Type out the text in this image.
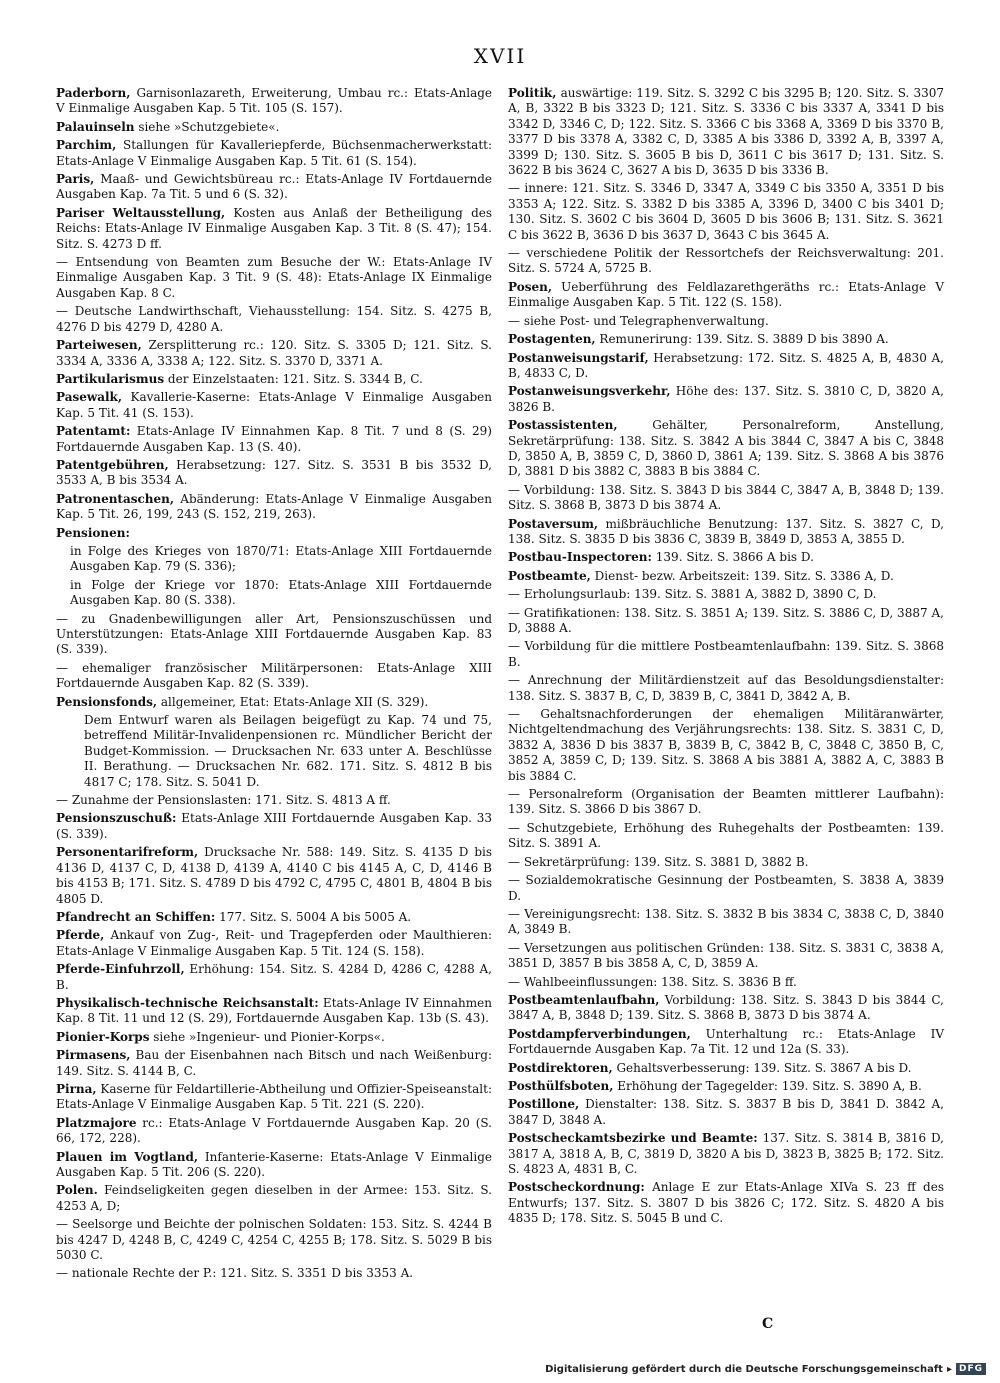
XVII
Paderborn, Garnisonlazareth, Erweiterung, Umbau rc.: Etats-Anlage V Einmalige Ausgaben Kap. 5 Tit. 105 (S. 157).
Palauinseln siehe »Schutzgebiete«.
Parchim, Stallungen für Kavalleriepferde, Büchsenmacherwerkstatt: Etats-Anlage V Einmalige Ausgaben Kap. 5 Tit. 61 (S. 154).
Paris, Maaß- und Gewichtsbüreau rc.: Etats-Anlage IV Fortdauernde Ausgaben Kap. 7a Tit. 5 und 6 (S. 32).
Pariser Weltausstellung, Kosten aus Anlaß der Betheiligung des Reichs: Etats-Anlage IV Einmalige Ausgaben Kap. 3 Tit. 8 (S. 47); 154. Sitz. S. 4273 D ff.
— Entsendung von Beamten zum Besuche der W.: Etats-Anlage IV Einmalige Ausgaben Kap. 3 Tit. 9 (S. 48): Etats-Anlage IX Einmalige Ausgaben Kap. 8 C.
— Deutsche Landwirthschaft, Viehausstellung: 154. Sitz. S. 4275 B, 4276 D bis 4279 D, 4280 A.
Parteiwesen, Zersplitterung rc.: 120. Sitz. S. 3305 D; 121. Sitz. S. 3334 A, 3336 A, 3338 A; 122. Sitz. S. 3370 D, 3371 A.
Partikularismus der Einzelstaaten: 121. Sitz. S. 3344 B, C.
Pasewalk, Kavallerie-Kaserne: Etats-Anlage V Einmalige Ausgaben Kap. 5 Tit. 41 (S. 153).
Patentamt: Etats-Anlage IV Einnahmen Kap. 8 Tit. 7 und 8 (S. 29) Fortdauernde Ausgaben Kap. 13 (S. 40).
Patentgebühren, Herabsetzung: 127. Sitz. S. 3531 B bis 3532 D, 3533 A, B bis 3534 A.
Patronentaschen, Abänderung: Etats-Anlage V Einmalige Ausgaben Kap. 5 Tit. 26, 199, 243 (S. 152, 219, 263).
Pensionen:
in Folge des Krieges von 1870/71: Etats-Anlage XIII Fortdauernde Ausgaben Kap. 79 (S. 336);
in Folge der Kriege vor 1870: Etats-Anlage XIII Fortdauernde Ausgaben Kap. 80 (S. 338).
— zu Gnadenbewilligungen aller Art, Pensionszuschüssen und Unterstützungen: Etats-Anlage XIII Fortdauernde Ausgaben Kap. 83 (S. 339).
— ehemaliger französischer Militärpersonen: Etats-Anlage XIII Fortdauernde Ausgaben Kap. 82 (S. 339).
Pensionsfonds, allgemeiner, Etat: Etats-Anlage XII (S. 329).
Dem Entwurf waren als Beilagen beigefügt zu Kap. 74 und 75, betreffend Militär-Invalidenpensionen rc. Mündlicher Bericht der Budget-Kommission. — Drucksachen Nr. 633 unter A. Beschlüsse II. Berathung. — Drucksachen Nr. 682. 171. Sitz. S. 4812 B bis 4817 C; 178. Sitz. S. 5041 D.
— Zunahme der Pensionslasten: 171. Sitz. S. 4813 A ff.
Pensionszuschuß: Etats-Anlage XIII Fortdauernde Ausgaben Kap. 33 (S. 339).
Personentarifreform, Drucksache Nr. 588: 149. Sitz. S. 4135 D bis 4136 D, 4137 C, D, 4138 D, 4139 A, 4140 C bis 4145 A, C, D, 4146 B bis 4153 B; 171. Sitz. S. 4789 D bis 4792 C, 4795 C, 4801 B, 4804 B bis 4805 D.
Pfandrecht an Schiffen: 177. Sitz. S. 5004 A bis 5005 A.
Pferde, Ankauf von Zug-, Reit- und Tragepferden oder Maulthieren: Etats-Anlage V Einmalige Ausgaben Kap. 5 Tit. 124 (S. 158).
Pferde-Einfuhrzoll, Erhöhung: 154. Sitz. S. 4284 D, 4286 C, 4288 A, B.
Physikalisch-technische Reichsanstalt: Etats-Anlage IV Einnahmen Kap. 8 Tit. 11 und 12 (S. 29), Fortdauernde Ausgaben Kap. 13b (S. 43).
Pionier-Korps siehe »Ingenieur- und Pionier-Korps«.
Pirmasens, Bau der Eisenbahnen nach Bitsch und nach Weißenburg: 149. Sitz. S. 4144 B, C.
Pirna, Kaserne für Feldartillerie-Abtheilung und Offizier-Speiseanstalt: Etats-Anlage V Einmalige Ausgaben Kap. 5 Tit. 221 (S. 220).
Platzmajore rc.: Etats-Anlage V Fortdauernde Ausgaben Kap. 20 (S. 66, 172, 228).
Plauen im Vogtland, Infanterie-Kaserne: Etats-Anlage V Einmalige Ausgaben Kap. 5 Tit. 206 (S. 220).
Polen. Feindseligkeiten gegen dieselben in der Armee: 153. Sitz. S. 4253 A, D;
— Seelsorge und Beichte der polnischen Soldaten: 153. Sitz. S. 4244 B bis 4247 D, 4248 B, C, 4249 C, 4254 C, 4255 B; 178. Sitz. S. 5029 B bis 5030 C.
— nationale Rechte der P.: 121. Sitz. S. 3351 D bis 3353 A.
Politik, auswärtige: 119. Sitz. S. 3292 C bis 3295 B; 120. Sitz. S. 3307 A, B, 3322 B bis 3323 D; 121. Sitz. S. 3336 C bis 3337 A, 3341 D bis 3342 D, 3346 C, D; 122. Sitz. S. 3366 C bis 3368 A, 3369 D bis 3370 B, 3377 D bis 3378 A, 3382 C, D, 3385 A bis 3386 D, 3392 A, B, 3397 A, 3399 D; 130. Sitz. S. 3605 B bis D, 3611 C bis 3617 D; 131. Sitz. S. 3622 B bis 3624 C, 3627 A bis D, 3635 D bis 3336 B.
— innere: 121. Sitz. S. 3346 D, 3347 A, 3349 C bis 3350 A, 3351 D bis 3353 A; 122. Sitz. S. 3382 D bis 3385 A, 3396 D, 3400 C bis 3401 D; 130. Sitz. S. 3602 C bis 3604 D, 3605 D bis 3606 B; 131. Sitz. S. 3621 C bis 3622 B, 3636 D bis 3637 D, 3643 C bis 3645 A.
— verschiedene Politik der Ressortchefs der Reichsverwaltung: 201. Sitz. S. 5724 A, 5725 B.
Posen, Ueberführung des Feldlazarethgeräths rc.: Etats-Anlage V Einmalige Ausgaben Kap. 5 Tit. 122 (S. 158).
— siehe Post- und Telegraphenverwaltung.
Postagenten, Remunerirung: 139. Sitz. S. 3889 D bis 3890 A.
Postanweisungstarif, Herabsetzung: 172. Sitz. S. 4825 A, B, 4830 A, B, 4833 C, D.
Postanweisungsverkehr, Höhe des: 137. Sitz. S. 3810 C, D, 3820 A, 3826 B.
Postassistenten, Gehälter, Personalreform, Anstellung, Sekretärprüfung: 138. Sitz. S. 3842 A bis 3844 C, 3847 A bis C, 3848 D, 3850 A, B, 3859 C, D, 3860 D, 3861 A; 139. Sitz. S. 3868 A bis 3876 D, 3881 D bis 3882 C, 3883 B bis 3884 C.
— Vorbildung: 138. Sitz. S. 3843 D bis 3844 C, 3847 A, B, 3848 D; 139. Sitz. S. 3868 B, 3873 D bis 3874 A.
Postaversum, mißbräuchliche Benutzung: 137. Sitz. S. 3827 C, D, 138. Sitz. S. 3835 D bis 3836 C, 3839 B, 3849 D, 3853 A, 3855 D.
Postbau-Inspectoren: 139. Sitz. S. 3866 A bis D.
Postbeamte, Dienst- bezw. Arbeitszeit: 139. Sitz. S. 3386 A, D.
— Erholungsurlaub: 139. Sitz. S. 3881 A, 3882 D, 3890 C, D.
— Gratifikationen: 138. Sitz. S. 3851 A; 139. Sitz. S. 3886 C, D, 3887 A, D, 3888 A.
— Vorbildung für die mittlere Postbeamtenlaufbahn: 139. Sitz. S. 3868 B.
— Anrechnung der Militärdienstzeit auf das Besoldungsdienstalter: 138. Sitz. S. 3837 B, C, D, 3839 B, C, 3841 D, 3842 A, B.
— Gehaltsnachforderungen der ehemaligen Militäranwärter, Nichtgeltendmachung des Verjährungsrechts: 138. Sitz. S. 3831 C, D, 3832 A, 3836 D bis 3837 B, 3839 B, C, 3842 B, C, 3848 C, 3850 B, C, 3852 A, 3859 C, D; 139. Sitz. S. 3868 A bis 3881 A, 3882 A, C, 3883 B bis 3884 C.
— Personalreform (Organisation der Beamten mittlerer Laufbahn): 139. Sitz. S. 3866 D bis 3867 D.
— Schutzgebiete, Erhöhung des Ruhegehalts der Postbeamten: 139. Sitz. S. 3891 A.
— Sekretärprüfung: 139. Sitz. S. 3881 D, 3882 B.
— Sozialdemokratische Gesinnung der Postbeamten, S. 3838 A, 3839 D.
— Vereinigungsrecht: 138. Sitz. S. 3832 B bis 3834 C, 3838 C, D, 3840 A, 3849 B.
— Versetzungen aus politischen Gründen: 138. Sitz. S. 3831 C, 3838 A, 3851 D, 3857 B bis 3858 A, C, D, 3859 A.
— Wahlbeeinflussungen: 138. Sitz. S. 3836 B ff.
Postbeamtenlaufbahn, Vorbildung: 138. Sitz. S. 3843 D bis 3844 C, 3847 A, B, 3848 D; 139. Sitz. S. 3868 B, 3873 D bis 3874 A.
Postdampferverbindungen, Unterhaltung rc.: Etats-Anlage IV Fortdauernde Ausgaben Kap. 7a Tit. 12 und 12a (S. 33).
Postdirektoren, Gehaltsverbesserung: 139. Sitz. S. 3867 A bis D.
Posthülfsboten, Erhöhung der Tagegelder: 139. Sitz. S. 3890 A, B.
Postillone, Dienstalter: 138. Sitz. S. 3837 B bis D, 3841 D. 3842 A, 3847 D, 3848 A.
Postscheckamtsbezirke und Beamte: 137. Sitz. S. 3814 B, 3816 D, 3817 A, 3818 A, B, C, 3819 D, 3820 A bis D, 3823 B, 3825 B; 172. Sitz. S. 4823 A, 4831 B, C.
Postscheckordnung: Anlage E zur Etats-Anlage XIVa S. 23 ff des Entwurfs; 137. Sitz. S. 3807 D bis 3826 C; 172. Sitz. S. 4820 A bis 4835 D; 178. Sitz. S. 5045 B und C.
C
Digitalisierung gefördert durch die Deutsche Forschungsgemeinschaft ▸ DFG
